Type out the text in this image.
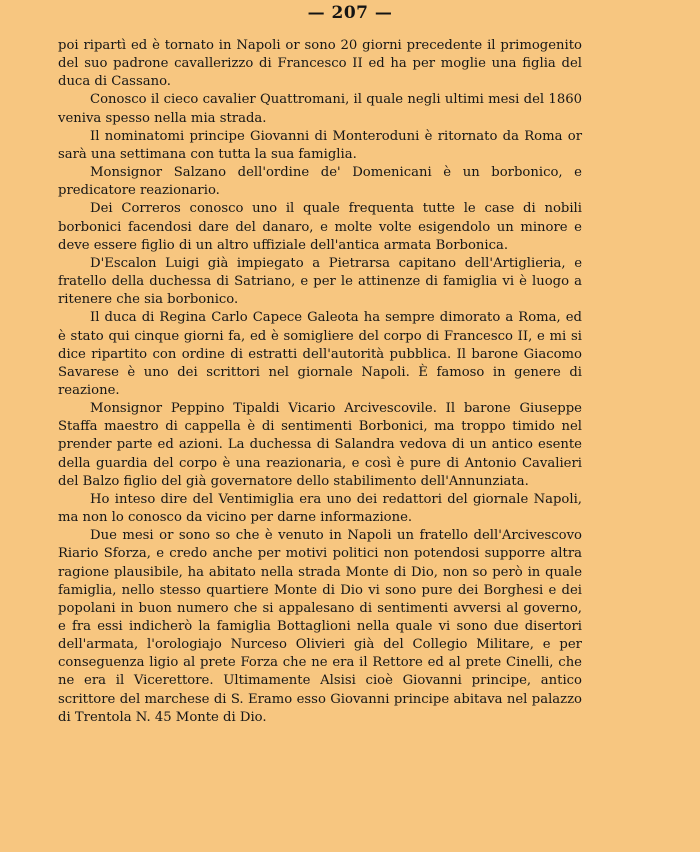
— 207 —

poi ripartì ed è tornato in Napoli or sono 20 giorni precedente il primogenito del suo padrone cavallerizzo di Francesco II ed ha per moglie una figlia del duca di Cassano.

Conosco il cieco cavalier Quattromani, il quale negli ultimi mesi del 1860 veniva spesso nella mia strada.

Il nominatomi principe Giovanni di Monteroduni è ritornato da Roma or sarà una settimana con tutta la sua famiglia.

Monsignor Salzano dell'ordine de' Domenicani è un borbonico, e predicatore reazionario.

Dei Correros conosco uno il quale frequenta tutte le case di nobili borbonici facendosi dare del danaro, e molte volte esigendolo un minore e deve essere figlio di un altro uffiziale dell'antica armata Borbonica.

D'Escalon Luigi già impiegato a Pietrarsa capitano dell'Artiglieria, e fratello della duchessa di Satriano, e per le attinenze di famiglia vi è luogo a ritenere che sia borbonico.

Il duca di Regina Carlo Capece Galeota ha sempre dimorato a Roma, ed è stato qui cinque giorni fa, ed è somigliere del corpo di Francesco II, e mi si dice ripartito con ordine di estratti dell'autorità pubblica. Il barone Giacomo Savarese è uno dei scrittori nel giornale Napoli. È famoso in genere di reazione.

Monsignor Peppino Tipaldi Vicario Arcivescovile. Il barone Giuseppe Staffa maestro di cappella è di sentimenti Borbonici, ma troppo timido nel prender parte ed azioni. La duchessa di Salandra vedova di un antico esente della guardia del corpo è una reazionaria, e così è pure di Antonio Cavalieri del Balzo figlio del già governatore dello stabilimento dell'Annunziata.

Ho inteso dire del Ventimiglia era uno dei redattori del giornale Napoli, ma non lo conosco da vicino per darne informazione.

Due mesi or sono so che è venuto in Napoli un fratello dell'Arcivescovo Riario Sforza, e credo anche per motivi politici non potendosi supporre altra ragione plausibile, ha abitato nella strada Monte di Dio, non so però in quale famiglia, nello stesso quartiere Monte di Dio vi sono pure dei Borghesi e dei popolani in buon numero che si appalesano di sentimenti avversi al governo, e fra essi indicherò la famiglia Bottaglioni nella quale vi sono due disertori dell'armata, l'orologiajo Nurceso Olivieri già del Collegio Militare, e per conseguenza ligio al prete Forza che ne era il Rettore ed al prete Cinelli, che ne era il Vicerettore. Ultimamente Alsisi cioè Giovanni principe, antico scrittore del marchese di S. Eramo esso Giovanni principe abitava nel palazzo di Trentola N. 45 Monte di Dio.
